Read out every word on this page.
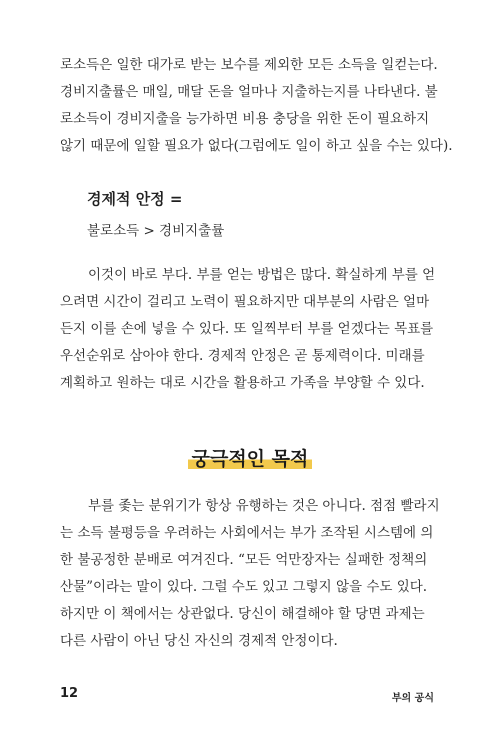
로소득은 일한 대가로 받는 보수를 제외한 모든 소득을 일컫는다.
경비지출률은 매일, 매달 돈을 얼마나 지출하는지를 나타낸다. 불
로소득이 경비지출을 능가하면 비용 충당을 위한 돈이 필요하지
않기 때문에 일할 필요가 없다(그럼에도 일이 하고 싶을 수는 있다).

경제적 안정 =

불로소득 > 경비지출률

이것이 바로 부다. 부를 얻는 방법은 많다. 확실하게 부를 얻
으려면 시간이 걸리고 노력이 필요하지만 대부분의 사람은 얼마
든지 이를 손에 넣을 수 있다. 또 일찍부터 부를 얻겠다는 목표를
우선순위로 삼아야 한다. 경제적 안정은 곧 통제력이다. 미래를
계획하고 원하는 대로 시간을 활용하고 가족을 부양할 수 있다.

궁극적인 목적

부를 좇는 분위기가 항상 유행하는 것은 아니다. 점점 빨라지
는 소득 불평등을 우려하는 사회에서는 부가 조작된 시스템에 의
한 불공정한 분배로 여겨진다. “모든 억만장자는 실패한 정책의
산물”이라는 말이 있다. 그럴 수도 있고 그렇지 않을 수도 있다.
하지만 이 책에서는 상관없다. 당신이 해결해야 할 당면 과제는
다른 사람이 아닌 당신 자신의 경제적 안정이다.

12	부의 공식
